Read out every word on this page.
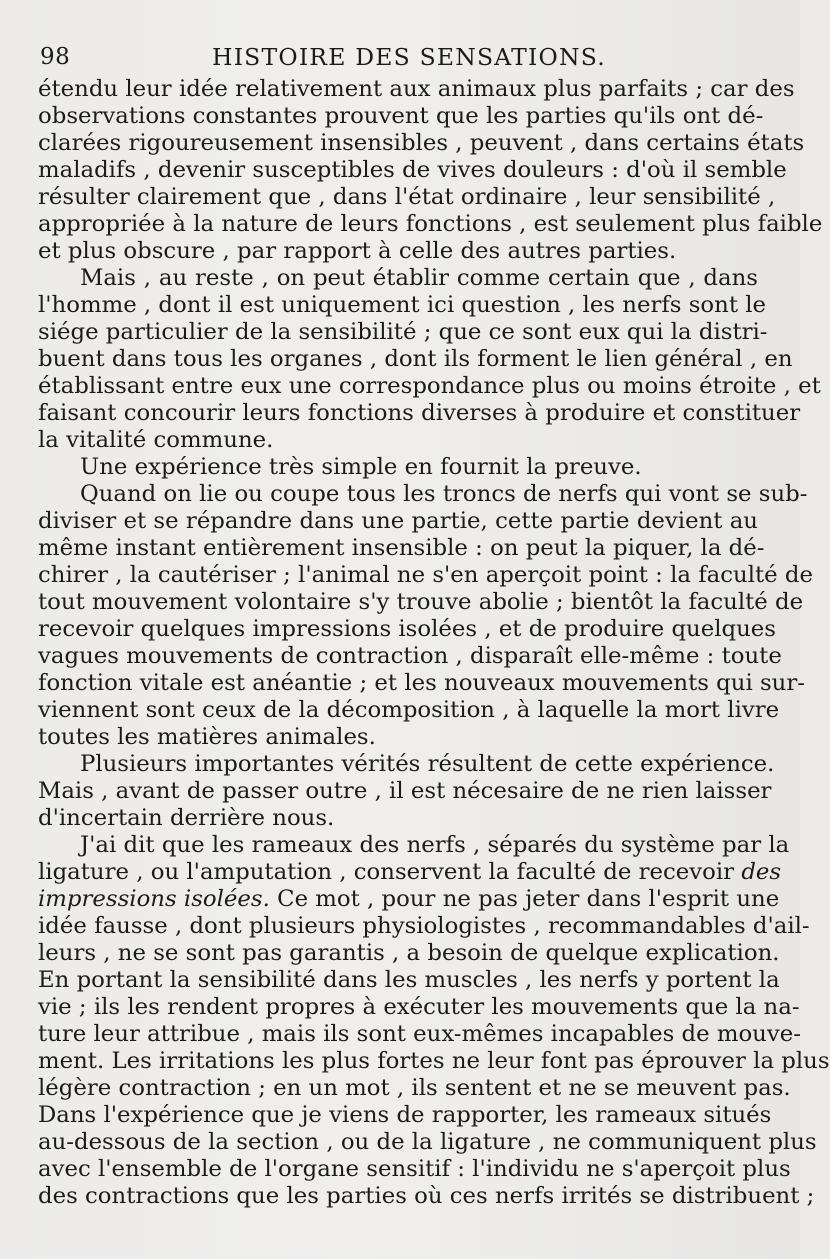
98	HISTOIRE DES SENSATIONS.
étendu leur idée relativement aux animaux plus parfaits ; car des
observations constantes prouvent que les parties qu'ils ont dé-
clarées rigoureusement insensibles , peuvent , dans certains états
maladifs , devenir susceptibles de vives douleurs : d'où il semble
résulter clairement que , dans l'état ordinaire , leur sensibilité ,
appropriée à la nature de leurs fonctions , est seulement plus faible
et plus obscure , par rapport à celle des autres parties.
Mais , au reste , on peut établir comme certain que , dans
l'homme , dont il est uniquement ici question , les nerfs sont le
siége particulier de la sensibilité ; que ce sont eux qui la distri-
buent dans tous les organes , dont ils forment le lien général , en
établissant entre eux une correspondance plus ou moins étroite , et
faisant concourir leurs fonctions diverses à produire et constituer
la vitalité commune.
Une expérience très simple en fournit la preuve.
Quand on lie ou coupe tous les troncs de nerfs qui vont se sub-
diviser et se répandre dans une partie, cette partie devient au
même instant entièrement insensible : on peut la piquer, la dé-
chirer , la cautériser ; l'animal ne s'en aperçoit point : la faculté de
tout mouvement volontaire s'y trouve abolie ; bientôt la faculté de
recevoir quelques impressions isolées , et de produire quelques
vagues mouvements de contraction , disparaît elle-même : toute
fonction vitale est anéantie ; et les nouveaux mouvements qui sur-
viennent sont ceux de la décomposition , à laquelle la mort livre
toutes les matières animales.
Plusieurs importantes vérités résultent de cette expérience.
Mais , avant de passer outre , il est nécesaire de ne rien laisser
d'incertain derrière nous.
J'ai dit que les rameaux des nerfs , séparés du système par la
ligature , ou l'amputation , conservent la faculté de recevoir des
impressions isolées. Ce mot , pour ne pas jeter dans l'esprit une
idée fausse , dont plusieurs physiologistes , recommandables d'ail-
leurs , ne se sont pas garantis , a besoin de quelque explication.
En portant la sensibilité dans les muscles , les nerfs y portent la
vie ; ils les rendent propres à exécuter les mouvements que la na-
ture leur attribue , mais ils sont eux-mêmes incapables de mouve-
ment. Les irritations les plus fortes ne leur font pas éprouver la plus
légère contraction ; en un mot , ils sentent et ne se meuvent pas.
Dans l'expérience que je viens de rapporter, les rameaux situés
au-dessous de la section , ou de la ligature , ne communiquent plus
avec l'ensemble de l'organe sensitif : l'individu ne s'aperçoit plus
des contractions que les parties où ces nerfs irrités se distribuent ;
